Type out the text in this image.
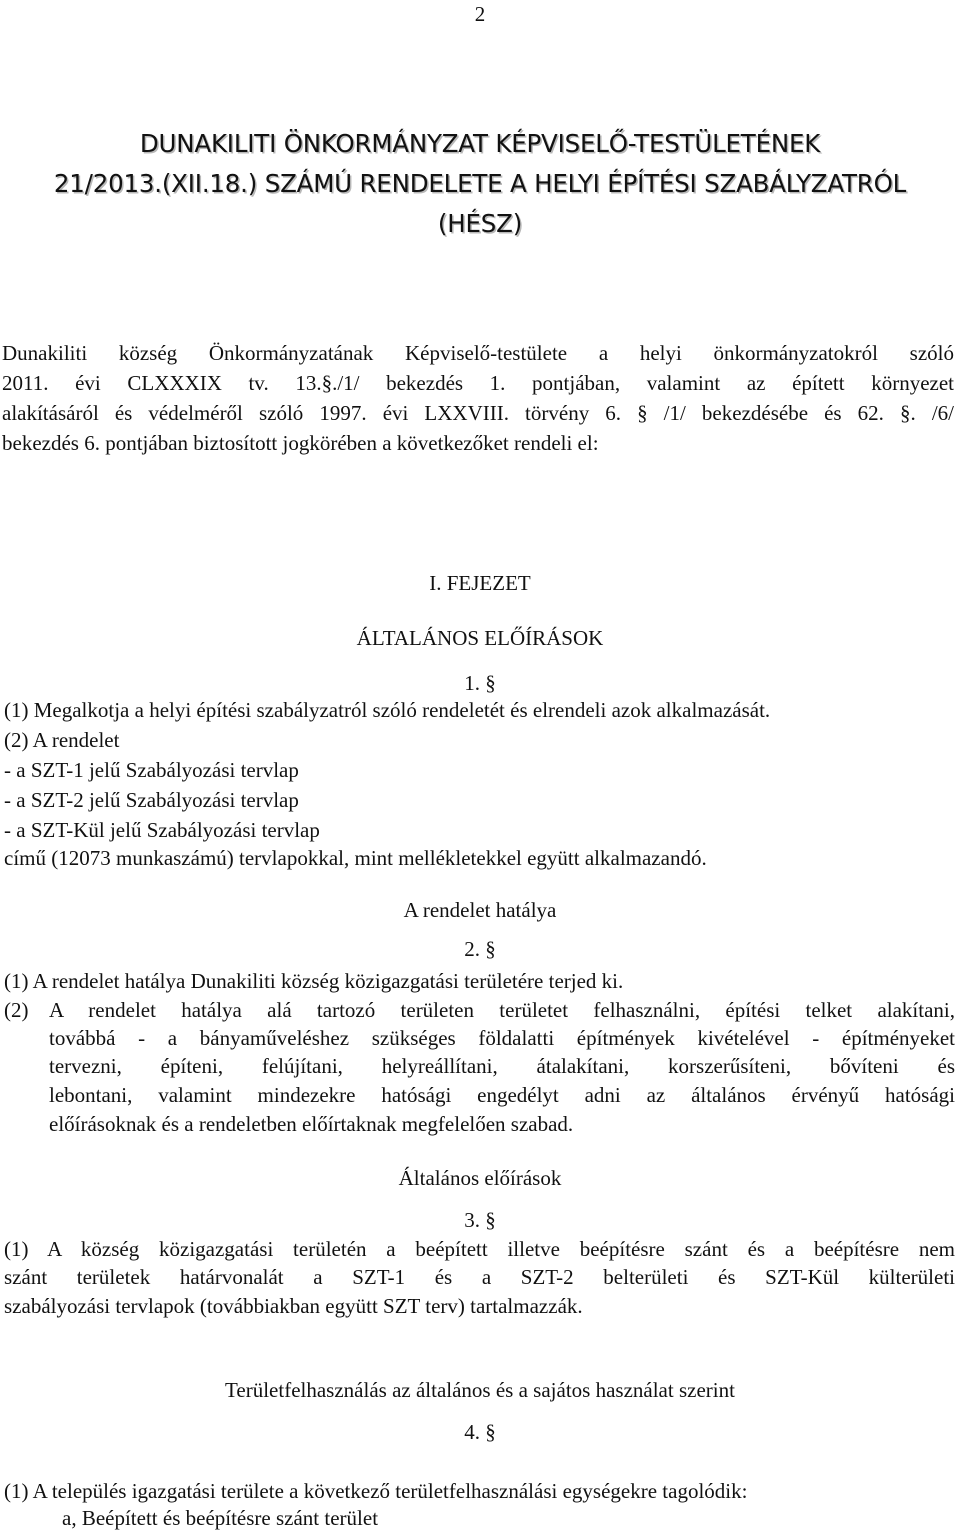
2
DUNAKILITI ÖNKORMÁNYZAT KÉPVISELŐ-TESTÜLETÉNEK
21/2013.(XII.18.) SZÁMÚ RENDELETE A HELYI ÉPÍTÉSI SZABÁLYZATRÓL
(HÉSZ)
Dunakiliti község Önkormányzatának Képviselő-testülete a helyi önkormányzatokról szóló
2011. évi CLXXXIX tv. 13.§./1/ bekezdés 1. pontjában, valamint az épített környezet
alakításáról és védelméről szóló 1997. évi LXXVIII. törvény 6. § /1/ bekezdésébe és 62. §. /6/
bekezdés 6. pontjában biztosított jogkörében a következőket rendeli el:
I. FEJEZET
ÁLTALÁNOS ELŐÍRÁSOK
1. §
(1) Megalkotja a helyi építési szabályzatról szóló rendeletét és elrendeli azok alkalmazását.
(2) A rendelet
- a SZT-1 jelű Szabályozási tervlap
- a SZT-2 jelű Szabályozási tervlap
- a SZT-Kül jelű Szabályozási tervlap
című (12073 munkaszámú) tervlapokkal, mint mellékletekkel együtt alkalmazandó.
A rendelet hatálya
2. §
(1) A rendelet hatálya Dunakiliti község közigazgatási területére terjed ki.
(2) A rendelet hatálya alá tartozó területen területet felhasználni, építési telket alakítani,
továbbá - a bányaműveléshez szükséges földalatti építmények kivételével - építményeket
tervezni, építeni, felújítani, helyreállítani, átalakítani, korszerűsíteni, bővíteni és
lebontani, valamint mindezekre hatósági engedélyt adni az általános érvényű hatósági
előírásoknak és a rendeletben előírtaknak megfelelően szabad.
Általános előírások
3. §
(1) A község közigazgatási területén a beépített illetve beépítésre szánt és a beépítésre nem
szánt területek határvonalát a SZT-1 és a SZT-2 belterületi és SZT-Kül külterületi
szabályozási tervlapok (továbbiakban együtt SZT terv) tartalmazzák.
Területfelhasználás az általános és a sajátos használat szerint
4. §
(1) A település igazgatási területe a következő területfelhasználási egységekre tagolódik:
a, Beépített és beépítésre szánt terület
